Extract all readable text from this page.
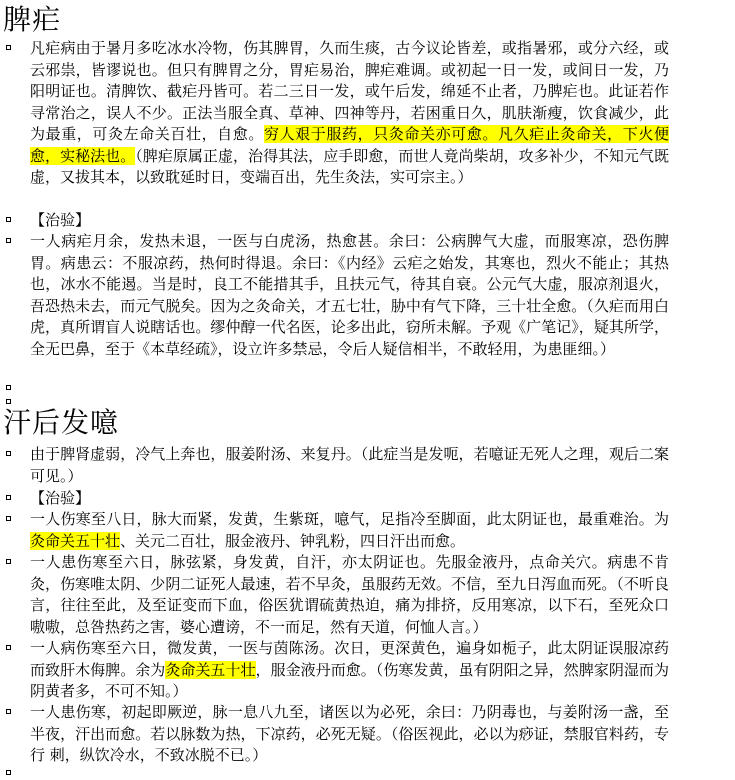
脾疟
凡疟病由于暑月多吃冰水冷物，伤其脾胃，久而生痰，古今议论皆差，或指暑邪，或分六经，或云邪祟，皆谬说也。但只有脾胃之分，胃疟易治，脾疟难调。或初起一日一发，或间日一发，乃阳明证也。清脾饮、截疟丹皆可。若二三日一发，或午后发，绵延不止者，乃脾疟也。此证若作寻常治之，误人不少。正法当服全真、草神、四神等丹，若困重日久，肌肤渐瘦，饮食减少，此为最重，可灸左命关百壮，自愈。穷人艰于服药，只灸命关亦可愈。凡久疟止灸命关，下火便愈，实秘法也。（脾疟原属正虚，治得其法，应手即愈，而世人竟尚柴胡，攻多补少，不知元气既虚，又拔其本，以致耽延时日，变端百出，先生灸法，实可宗主。）
【治验】
一人病疟月余，发热未退，一医与白虎汤，热愈甚。余曰：公病脾气大虚，而服寒凉，恐伤脾胃。病患云：不服凉药，热何时得退。余曰：《内经》云疟之始发，其寒也，烈火不能止；其热也，冰水不能遏。当是时，良工不能措其手，且扶元气，待其自衰。公元气大虚，服凉剂退火，吾恐热未去，而元气脱矣。因为之灸命关，才五七壮，胁中有气下降，三十壮全愈。（久疟而用白虎，真所谓盲人说瞎话也。缪仲醇一代名医，论多出此，窃所未解。予观《广笔记》，疑其所学，全无巴鼻，至于《本草经疏》，设立许多禁忌，令后人疑信相半，不敢轻用，为患匪细。）
汗后发噫
由于脾肾虚弱，冷气上奔也，服姜附汤、来复丹。（此症当是发呃，若噫证无死人之理，观后二案可见。）
【治验】
一人伤寒至八日，脉大而紧，发黄，生紫斑，噫气，足指冷至脚面，此太阴证也，最重难治。为灸命关五十壮、关元二百壮，服金液丹、钟乳粉，四日汗出而愈。
一人患伤寒至六日，脉弦紧，身发黄，自汗，亦太阴证也。先服金液丹，点命关穴。病患不肯灸，伤寒唯太阴、少阴二证死人最速，若不早灸，虽服药无效。不信，至九日泻血而死。（不听良言，往往至此，及至证变而下血，俗医犹谓硫黄热迫，痛为排挤，反用寒凉，以下石，至死众口嗷嗷，总咎热药之害，婆心遭谤，不一而足，然有天道，何恤人言。）
一人病伤寒至六日，微发黄，一医与茵陈汤。次日，更深黄色，遍身如栀子，此太阴证误服凉药而致肝木侮脾。余为灸命关五十壮，服金液丹而愈。（伤寒发黄，虽有阴阳之异，然脾家阴湿而为阴黄者多，不可不知。）
一人患伤寒，初起即厥逆，脉一息八九至，诸医以为必死，余曰：乃阴毒也，与姜附汤一盏，至半夜，汗出而愈。若以脉数为热，下凉药，必死无疑。（俗医视此，必以为痧证，禁服官料药，专行 刺，纵饮冷水，不致冰脱不已。）
